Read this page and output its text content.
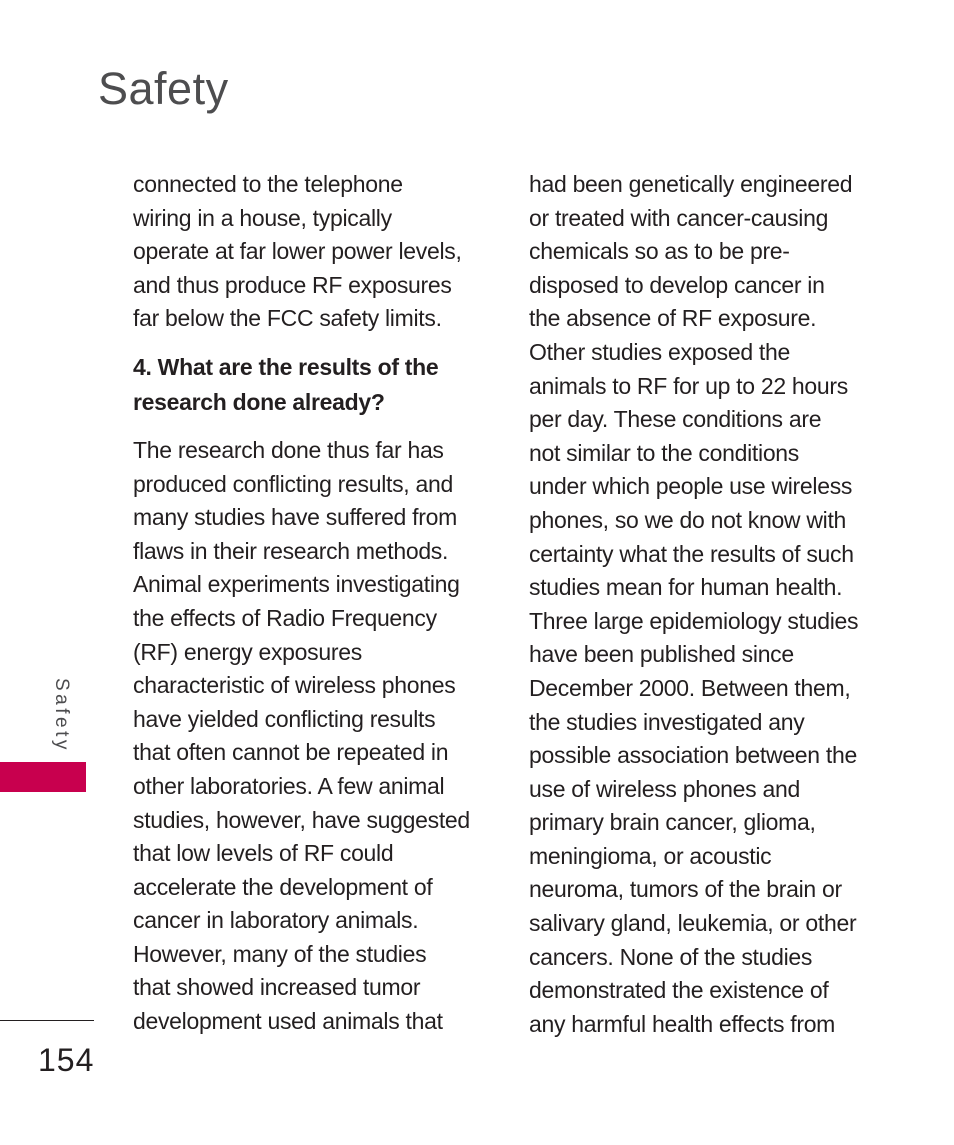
Safety

connected to the telephone
wiring in a house, typically
operate at far lower power levels,
and thus produce RF exposures
far below the FCC safety limits.

4. What are the results of the
research done already?

The research done thus far has
produced conflicting results, and
many studies have suffered from
flaws in their research methods.
Animal experiments investigating
the effects of Radio Frequency
(RF) energy exposures
characteristic of wireless phones
have yielded conflicting results
that often cannot be repeated in
other laboratories. A few animal
studies, however, have suggested
that low levels of RF could
accelerate the development of
cancer in laboratory animals.
However, many of the studies
that showed increased tumor
development used animals that

had been genetically engineered
or treated with cancer-causing
chemicals so as to be pre-
disposed to develop cancer in
the absence of RF exposure.
Other studies exposed the
animals to RF for up to 22 hours
per day. These conditions are
not similar to the conditions
under which people use wireless
phones, so we do not know with
certainty what the results of such
studies mean for human health.
Three large epidemiology studies
have been published since
December 2000. Between them,
the studies investigated any
possible association between the
use of wireless phones and
primary brain cancer, glioma,
meningioma, or acoustic
neuroma, tumors of the brain or
salivary gland, leukemia, or other
cancers. None of the studies
demonstrated the existence of
any harmful health effects from

Safety
154
